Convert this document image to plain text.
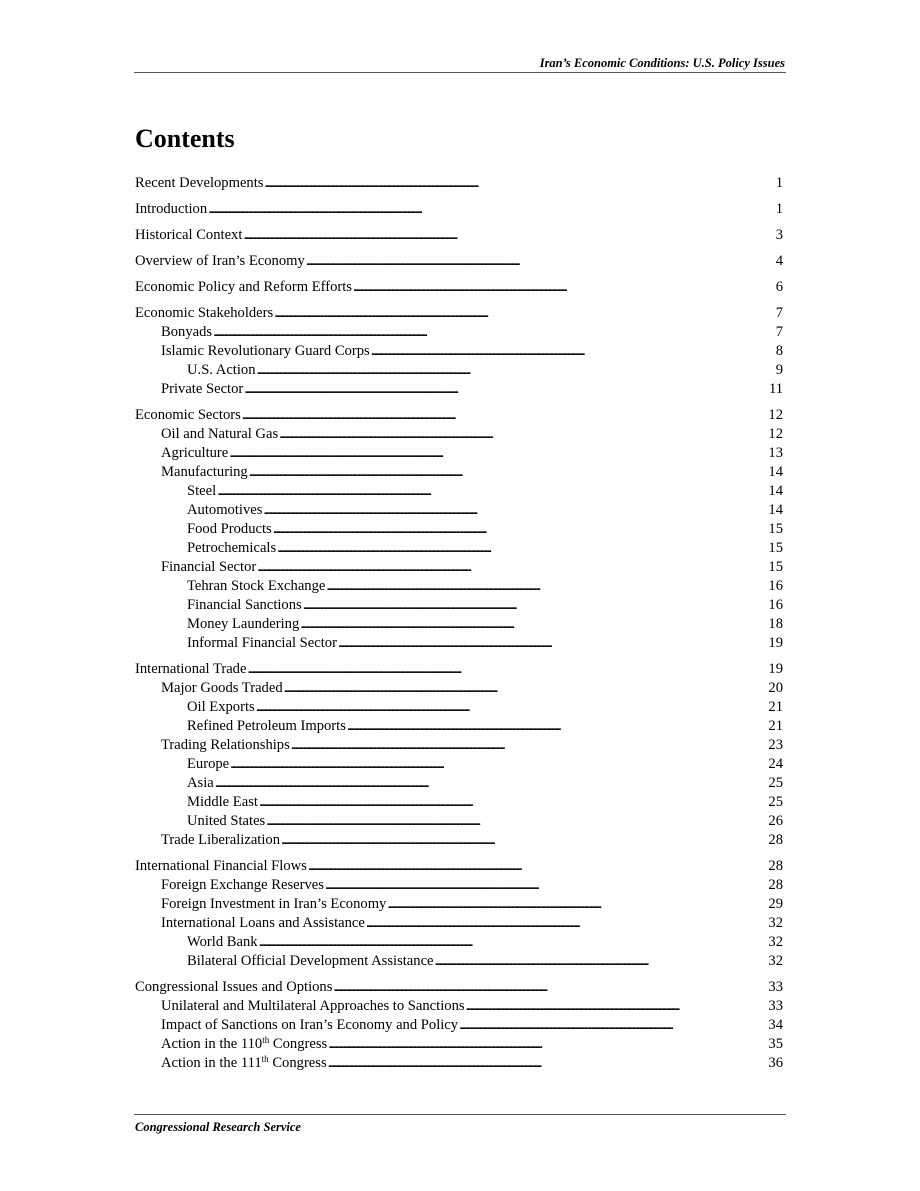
Iran’s Economic Conditions: U.S. Policy Issues
Contents
Recent Developments . . .	1
Introduction . . .	1
Historical Context . . .	3
Overview of Iran’s Economy . . .	4
Economic Policy and Reform Efforts . . .	6
Economic Stakeholders . . .	7
Bonyads . . .	7
Islamic Revolutionary Guard Corps . . .	8
U.S. Action . . .	9
Private Sector . . .	11
Economic Sectors . . .	12
Oil and Natural Gas . . .	12
Agriculture . . .	13
Manufacturing . . .	14
Steel . . .	14
Automotives . . .	14
Food Products . . .	15
Petrochemicals . . .	15
Financial Sector . . .	15
Tehran Stock Exchange . . .	16
Financial Sanctions . . .	16
Money Laundering . . .	18
Informal Financial Sector . . .	19
International Trade . . .	19
Major Goods Traded . . .	20
Oil Exports . . .	21
Refined Petroleum Imports . . .	21
Trading Relationships . . .	23
Europe . . .	24
Asia . . .	25
Middle East . . .	25
United States . . .	26
Trade Liberalization . . .	28
International Financial Flows . . .	28
Foreign Exchange Reserves . . .	28
Foreign Investment in Iran’s Economy . . .	29
International Loans and Assistance . . .	32
World Bank . . .	32
Bilateral Official Development Assistance . . .	32
Congressional Issues and Options . . .	33
Unilateral and Multilateral Approaches to Sanctions . . .	33
Impact of Sanctions on Iran’s Economy and Policy . . .	34
Action in the 110th Congress . . .	35
Action in the 111th Congress . . .	36
Congressional Research Service
